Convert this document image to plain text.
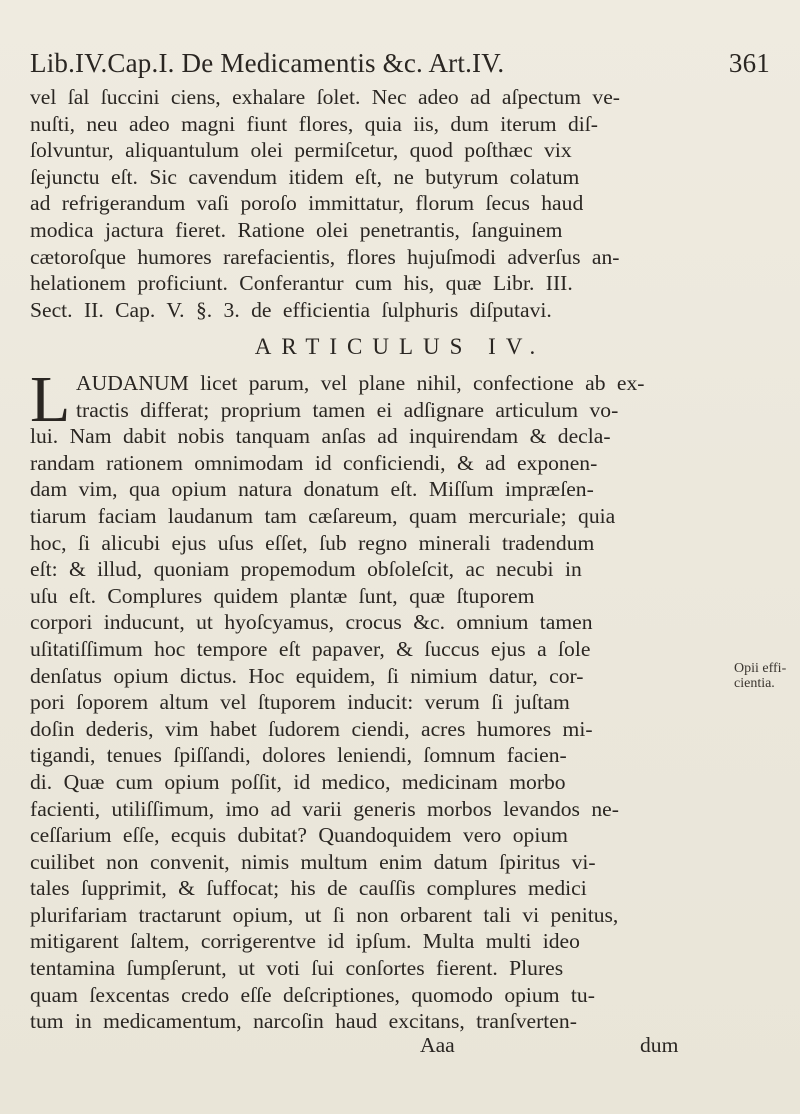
Lib.IV.Cap.I. De Medicamentis &c. Art.IV.	361
vel ſal ſuccini ciens, exhalare ſolet. Nec adeo ad aſpectum ve-
nuſti, neu adeo magni fiunt flores, quia iis, dum iterum diſ-
ſolvuntur, aliquantulum olei permiſcetur, quod poſthæc vix
ſejunctu eſt. Sic cavendum itidem eſt, ne butyrum colatum
ad refrigerandum vaſi poroſo immittatur, florum ſecus haud
modica jactura fieret. Ratione olei penetrantis, ſanguinem
cætoroſque humores rarefacientis, flores hujuſmodi adverſus an-
helationem proficiunt. Conferantur cum his, quæ Libr. III.
Sect. II. Cap. V. §. 3. de efficientia ſulphuris diſputavi.
ARTICULUS IV.
L AUDANUM licet parum, vel plane nihil, confectione ab ex-
tractis differat; proprium tamen ei adſignare articulum vo-
lui. Nam dabit nobis tanquam anſas ad inquirendam & decla-
randam rationem omnimodam id conficiendi, & ad exponen-
dam vim, qua opium natura donatum eſt. Miſſum impræſen-
tiarum faciam laudanum tam cæſareum, quam mercuriale; quia
hoc, ſi alicubi ejus uſus eſſet, ſub regno minerali tradendum
eſt: & illud, quoniam propemodum obſoleſcit, ac necubi in
uſu eſt. Complures quidem plantæ ſunt, quæ ſtuporem
corpori inducunt, ut hyoſcyamus, crocus &c. omnium tamen
uſitatiſſimum hoc tempore eſt papaver, & ſuccus ejus a ſole
denſatus opium dictus. Hoc equidem, ſi nimium datur, cor-
pori ſoporem altum vel ſtuporem inducit: verum ſi juſtam
doſin dederis, vim habet ſudorem ciendi, acres humores mi-
tigandi, tenues ſpiſſandi, dolores leniendi, ſomnum facien-
di. Quæ cum opium poſſit, id medico, medicinam morbo
facienti, utiliſſimum, imo ad varii generis morbos levandos ne-
ceſſarium eſſe, ecquis dubitat? Quandoquidem vero opium
cuilibet non convenit, nimis multum enim datum ſpiritus vi-
tales ſupprimit, & ſuffocat; his de cauſſis complures medici
plurifariam tractarunt opium, ut ſi non orbarent tali vi penitus,
mitigarent ſaltem, corrigerentve id ipſum. Multa multi ideo
tentamina ſumpſerunt, ut voti ſui conſortes fierent. Plures
quam ſexcentas credo eſſe deſcriptiones, quomodo opium tu-
tum in medicamentum, narcoſin haud excitans, tranſverten-
Opii effi-
cientia.
Aaa	dum
